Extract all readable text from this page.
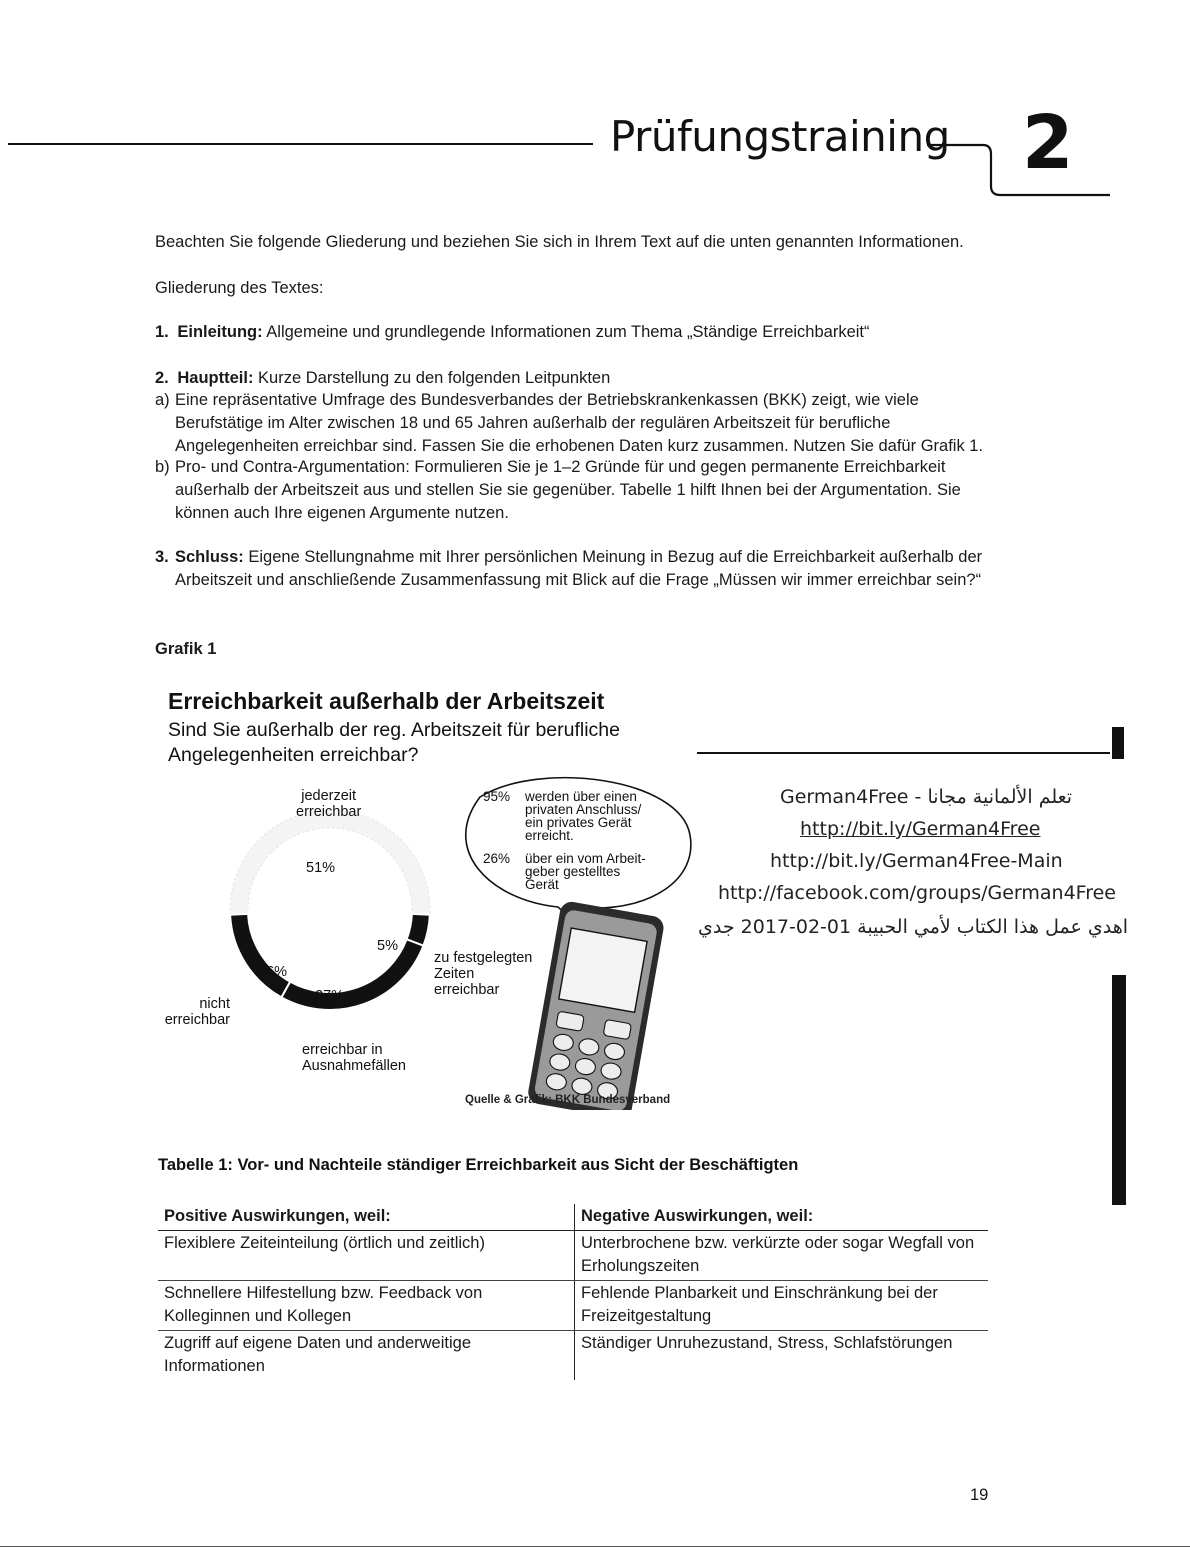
Prüfungstraining 2
Beachten Sie folgende Gliederung und beziehen Sie sich in Ihrem Text auf die unten genannten Informationen.
Gliederung des Textes:
1. Einleitung: Allgemeine und grundlegende Informationen zum Thema „Ständige Erreichbarkeit“
2. Hauptteil: Kurze Darstellung zu den folgenden Leitpunkten
a) Eine repräsentative Umfrage des Bundesverbandes der Betriebskrankenkassen (BKK) zeigt, wie viele Berufstätige im Alter zwischen 18 und 65 Jahren außerhalb der regulären Arbeitszeit für berufliche Angelegenheiten erreichbar sind. Fassen Sie die erhobenen Daten kurz zusammen. Nutzen Sie dafür Grafik 1.
b) Pro- und Contra-Argumentation: Formulieren Sie je 1–2 Gründe für und gegen permanente Erreichbarkeit außerhalb der Arbeitszeit aus und stellen Sie sie gegenüber. Tabelle 1 hilft Ihnen bei der Argumentation. Sie können auch Ihre eigenen Argumente nutzen.
3. Schluss: Eigene Stellungnahme mit Ihrer persönlichen Meinung in Bezug auf die Erreichbarkeit außerhalb der Arbeitszeit und anschließende Zusammenfassung mit Blick auf die Frage „Müssen wir immer erreichbar sein?“
Grafik 1
Erreichbarkeit außerhalb der Arbeitszeit
Sind Sie außerhalb der reg. Arbeitszeit für berufliche Angelegenheiten erreichbar?
jederzeit
erreichbar
51%
5%
27%
16%
zu festgelegten
Zeiten
erreichbar
erreichbar in
Ausnahmefällen
nicht
erreichbar
95% werden über einen
privaten Anschluss/
ein privates Gerät
erreicht.
26% über ein vom Arbeit-
geber gestelltes
Gerät
Quelle & Grafik: BKK Bundesverband
German4Free - تعلم الألمانية مجانا
http://bit.ly/German4Free
http://bit.ly/German4Free-Main
http://facebook.com/groups/German4Free
اهدي عمل هذا الكتاب لأمي الحبيبة 01-02-2017 جدي
Tabelle 1: Vor- und Nachteile ständiger Erreichbarkeit aus Sicht der Beschäftigten
Positive Auswirkungen, weil:	Negative Auswirkungen, weil:
Flexiblere Zeiteinteilung (örtlich und zeitlich)	Unterbrochene bzw. verkürzte oder sogar Wegfall von Erholungszeiten
Schnellere Hilfestellung bzw. Feedback von Kolleginnen und Kollegen	Fehlende Planbarkeit und Einschränkung bei der Freizeitgestaltung
Zugriff auf eigene Daten und anderweitige Informationen	Ständiger Unruhezustand, Stress, Schlafstörungen
19
